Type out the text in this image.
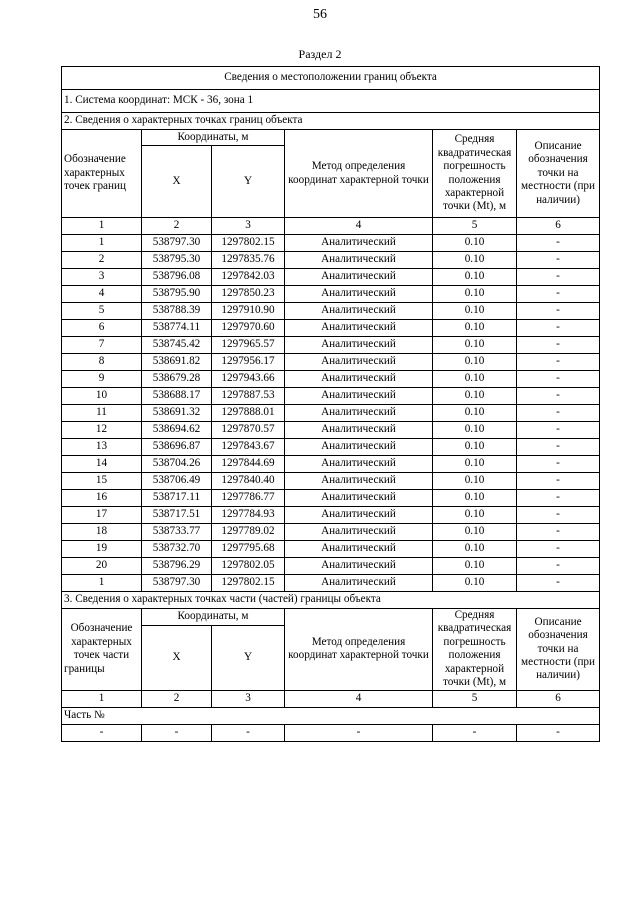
56
Раздел 2
Сведения о местоположении границ объекта					
1. Система координат: МСК - 36, зона 1					
2. Сведения о характерных точках границ объекта					
Обозначение характерных точек границ	Координаты, м		Метод определения координат характерной точки	Средняя квадратическая погрешность положения характерной точки (Mt), м	Описание обозначения точки на местности (при наличии)
	X	Y			
1	2	3	4	5	6
1	538797.30	1297802.15	Аналитический	0.10	-
2	538795.30	1297835.76	Аналитический	0.10	-
3	538796.08	1297842.03	Аналитический	0.10	-
4	538795.90	1297850.23	Аналитический	0.10	-
5	538788.39	1297910.90	Аналитический	0.10	-
6	538774.11	1297970.60	Аналитический	0.10	-
7	538745.42	1297965.57	Аналитический	0.10	-
8	538691.82	1297956.17	Аналитический	0.10	-
9	538679.28	1297943.66	Аналитический	0.10	-
10	538688.17	1297887.53	Аналитический	0.10	-
11	538691.32	1297888.01	Аналитический	0.10	-
12	538694.62	1297870.57	Аналитический	0.10	-
13	538696.87	1297843.67	Аналитический	0.10	-
14	538704.26	1297844.69	Аналитический	0.10	-
15	538706.49	1297840.40	Аналитический	0.10	-
16	538717.11	1297786.77	Аналитический	0.10	-
17	538717.51	1297784.93	Аналитический	0.10	-
18	538733.77	1297789.02	Аналитический	0.10	-
19	538732.70	1297795.68	Аналитический	0.10	-
20	538796.29	1297802.05	Аналитический	0.10	-
1	538797.30	1297802.15	Аналитический	0.10	-
3. Сведения о характерных точках части (частей) границы объекта					
Обозначение характерных точек части границы	Координаты, м		Метод определения координат характерной точки	Средняя квадратическая погрешность положения характерной точки (Mt), м	Описание обозначения точки на местности (при наличии)
	X	Y			
1	2	3	4	5	6
Часть №					
-	-	-	-	-	-
